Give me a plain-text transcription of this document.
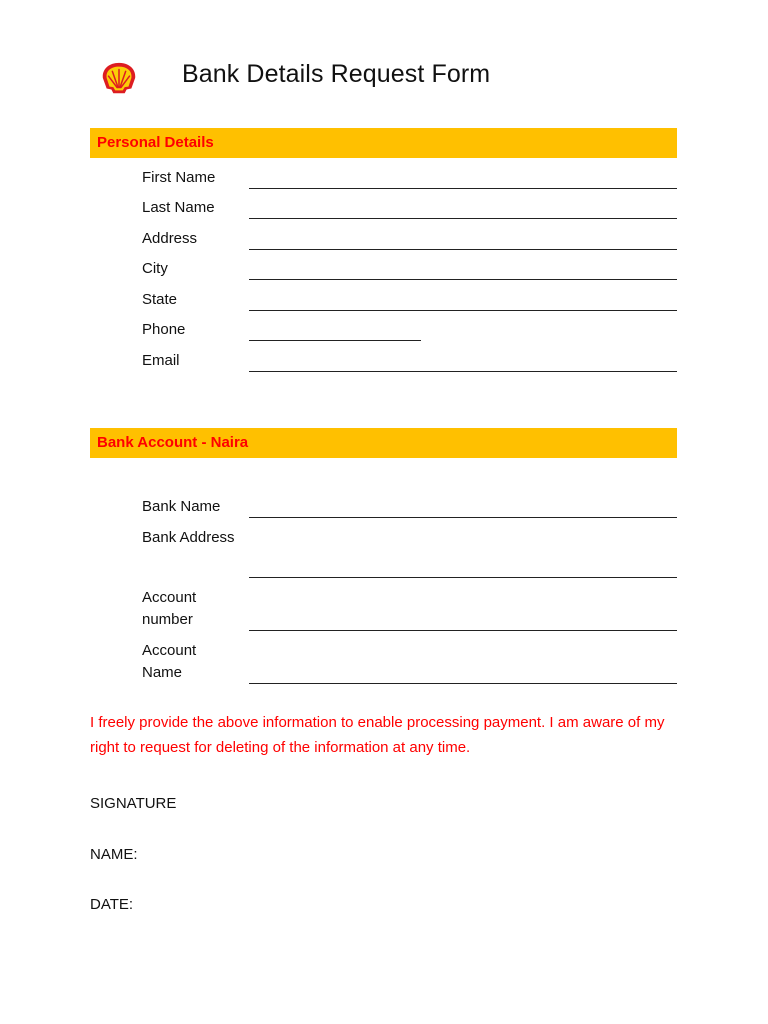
Bank Details Request Form
Personal Details
First Name
Last Name
Address
City
State
Phone
Email
Bank Account - Naira
Bank Name
Bank Address
Account
number
Account
Name
I freely provide the above information to enable processing payment. I am aware of my right to request for deleting of the information at any time.
SIGNATURE
NAME:
DATE:
